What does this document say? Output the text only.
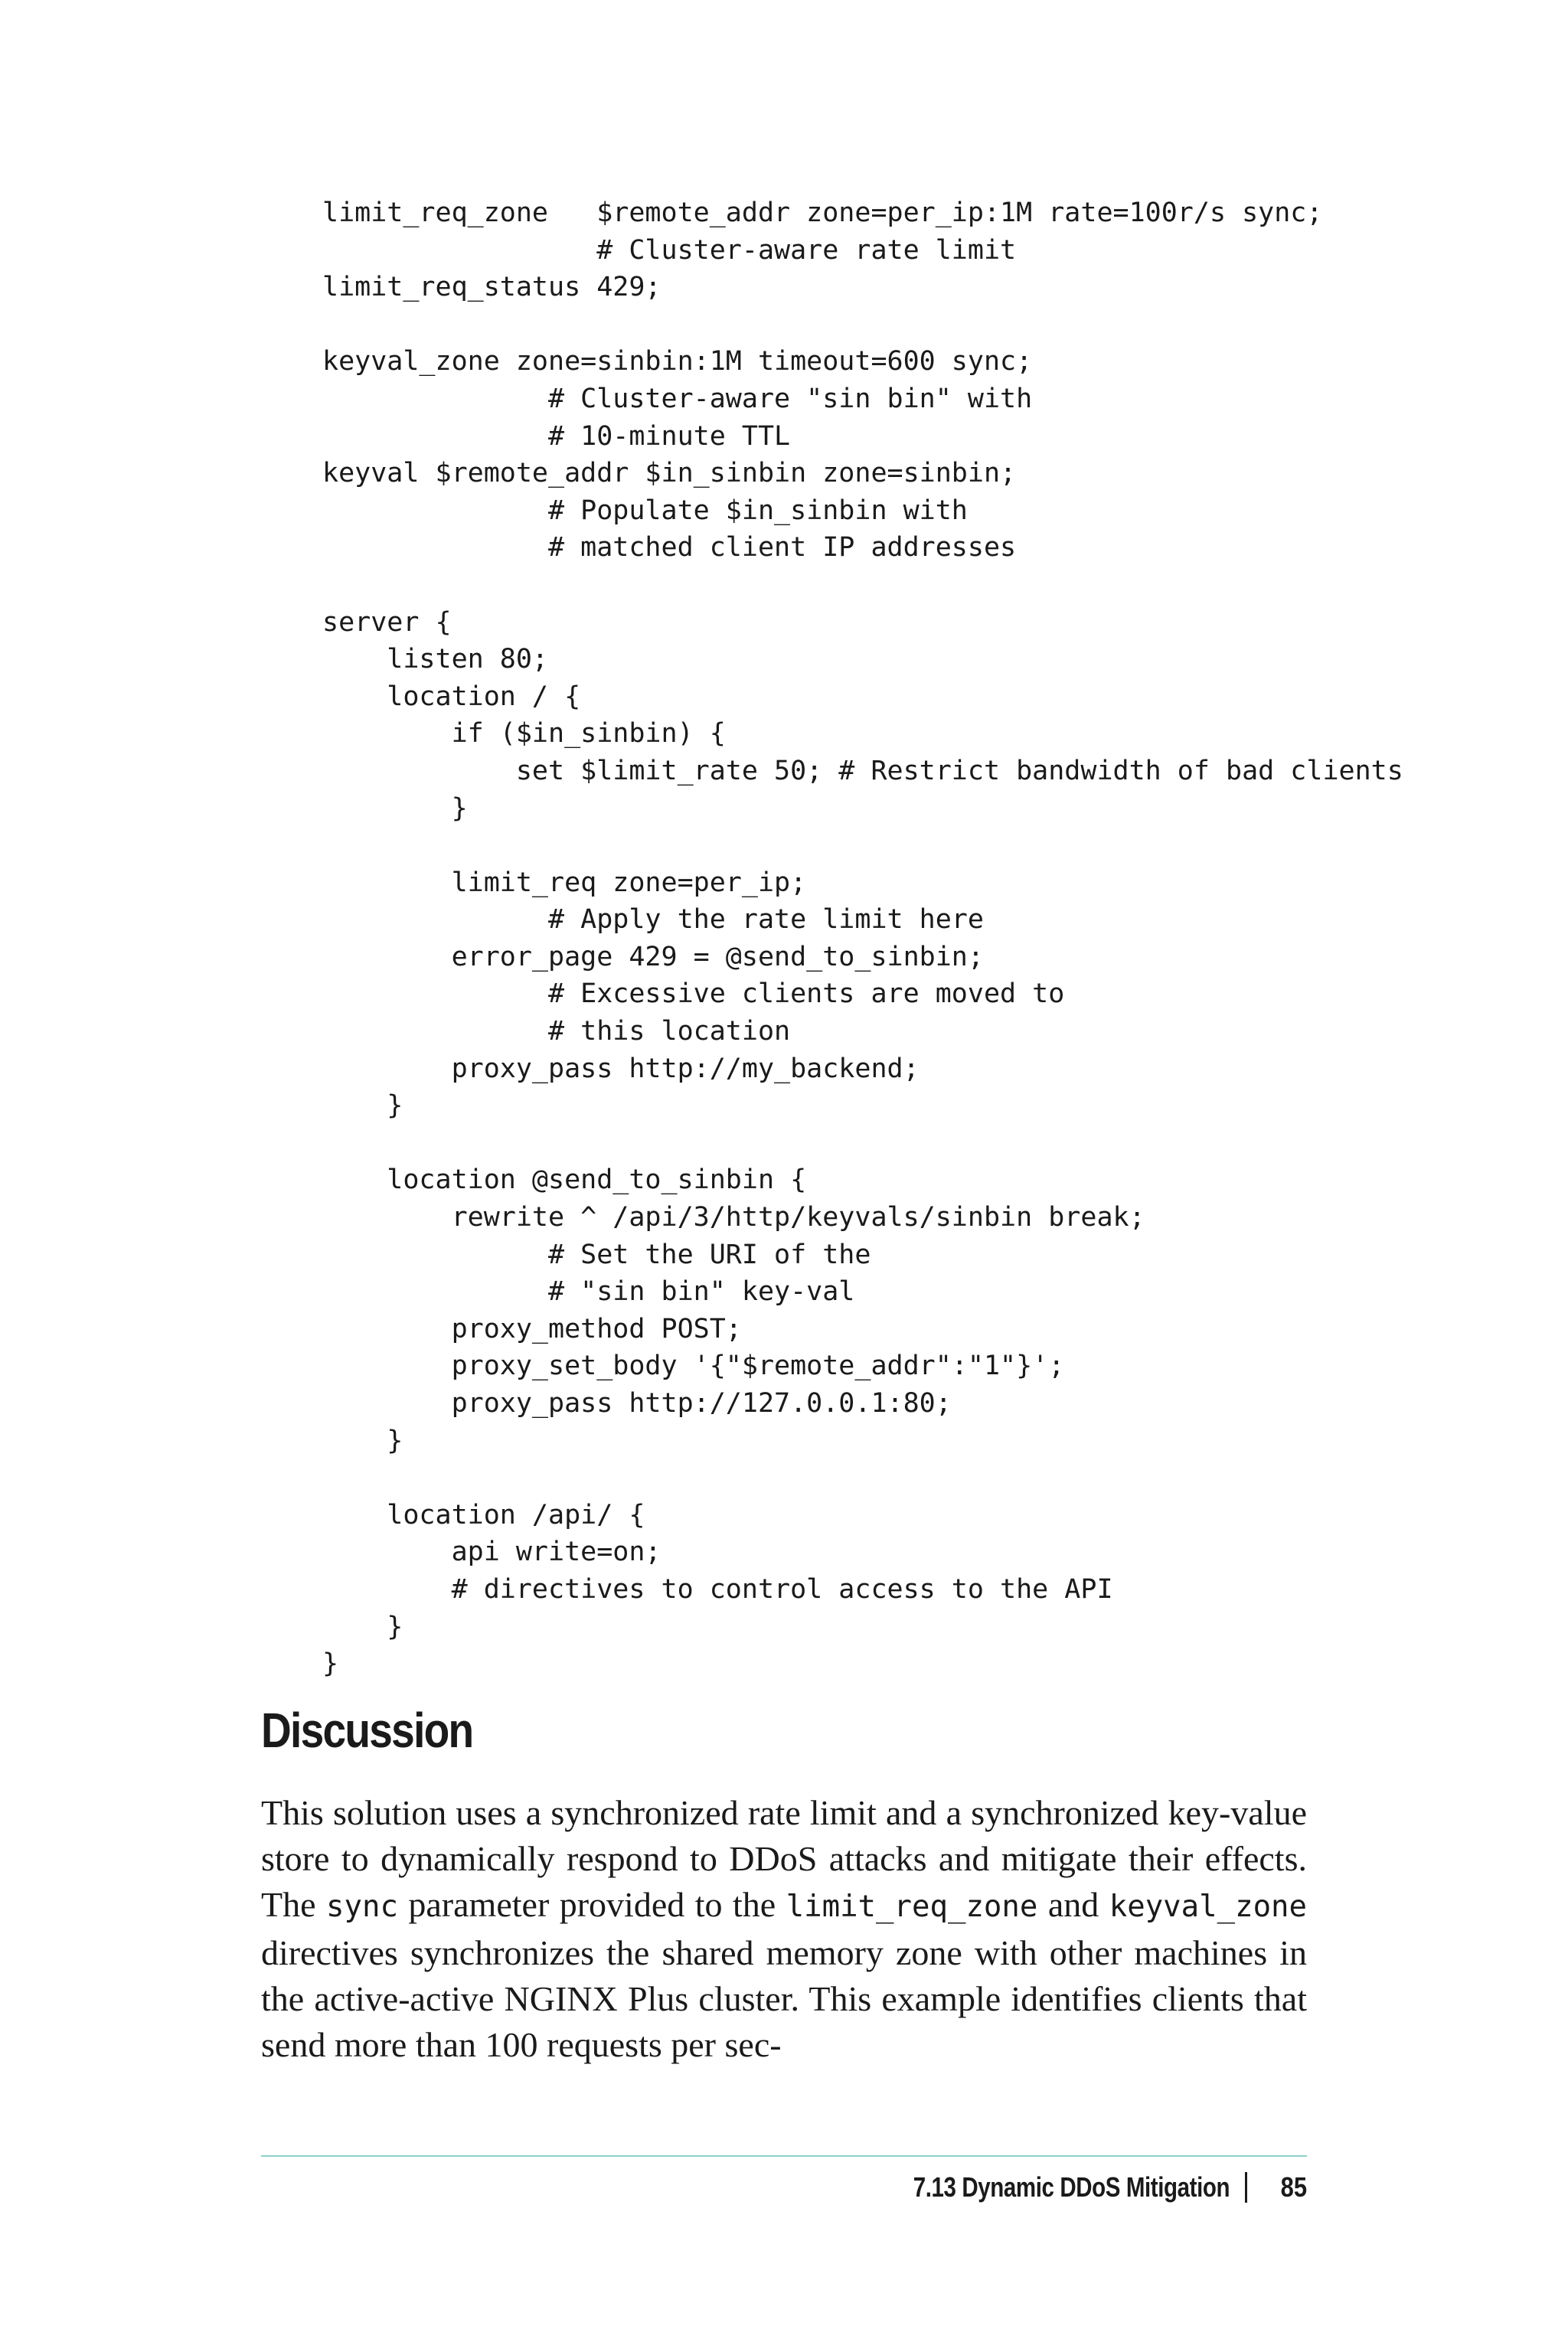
limit_req_zone   $remote_addr zone=per_ip:1M rate=100r/s sync;
# Cluster-aware rate limit
limit_req_status 429;
keyval_zone zone=sinbin:1M timeout=600 sync;
# Cluster-aware "sin bin" with
# 10-minute TTL
keyval $remote_addr $in_sinbin zone=sinbin;
# Populate $in_sinbin with
# matched client IP addresses
server {
listen 80;
location / {
if ($in_sinbin) {
set $limit_rate 50; # Restrict bandwidth of bad clients
}
limit_req zone=per_ip;
# Apply the rate limit here
error_page 429 = @send_to_sinbin;
# Excessive clients are moved to
# this location
proxy_pass http://my_backend;
}
location @send_to_sinbin {
rewrite ^ /api/3/http/keyvals/sinbin break;
# Set the URI of the
# "sin bin" key-val
proxy_method POST;
proxy_set_body '{"$remote_addr":"1"}';
proxy_pass http://127.0.0.1:80;
}
location /api/ {
api write=on;
# directives to control access to the API
}
}
Discussion

This solution uses a synchronized rate limit and a synchronized key-value store to dynamically respond to DDoS attacks and mitigate their effects. The sync parameter provided to the limit_req_zone and keyval_zone directives synchronizes the shared memory zone with other machines in the active-active NGINX Plus cluster. This example identifies clients that send more than 100 requests per sec-

7.13 Dynamic DDoS Mitigation 85
